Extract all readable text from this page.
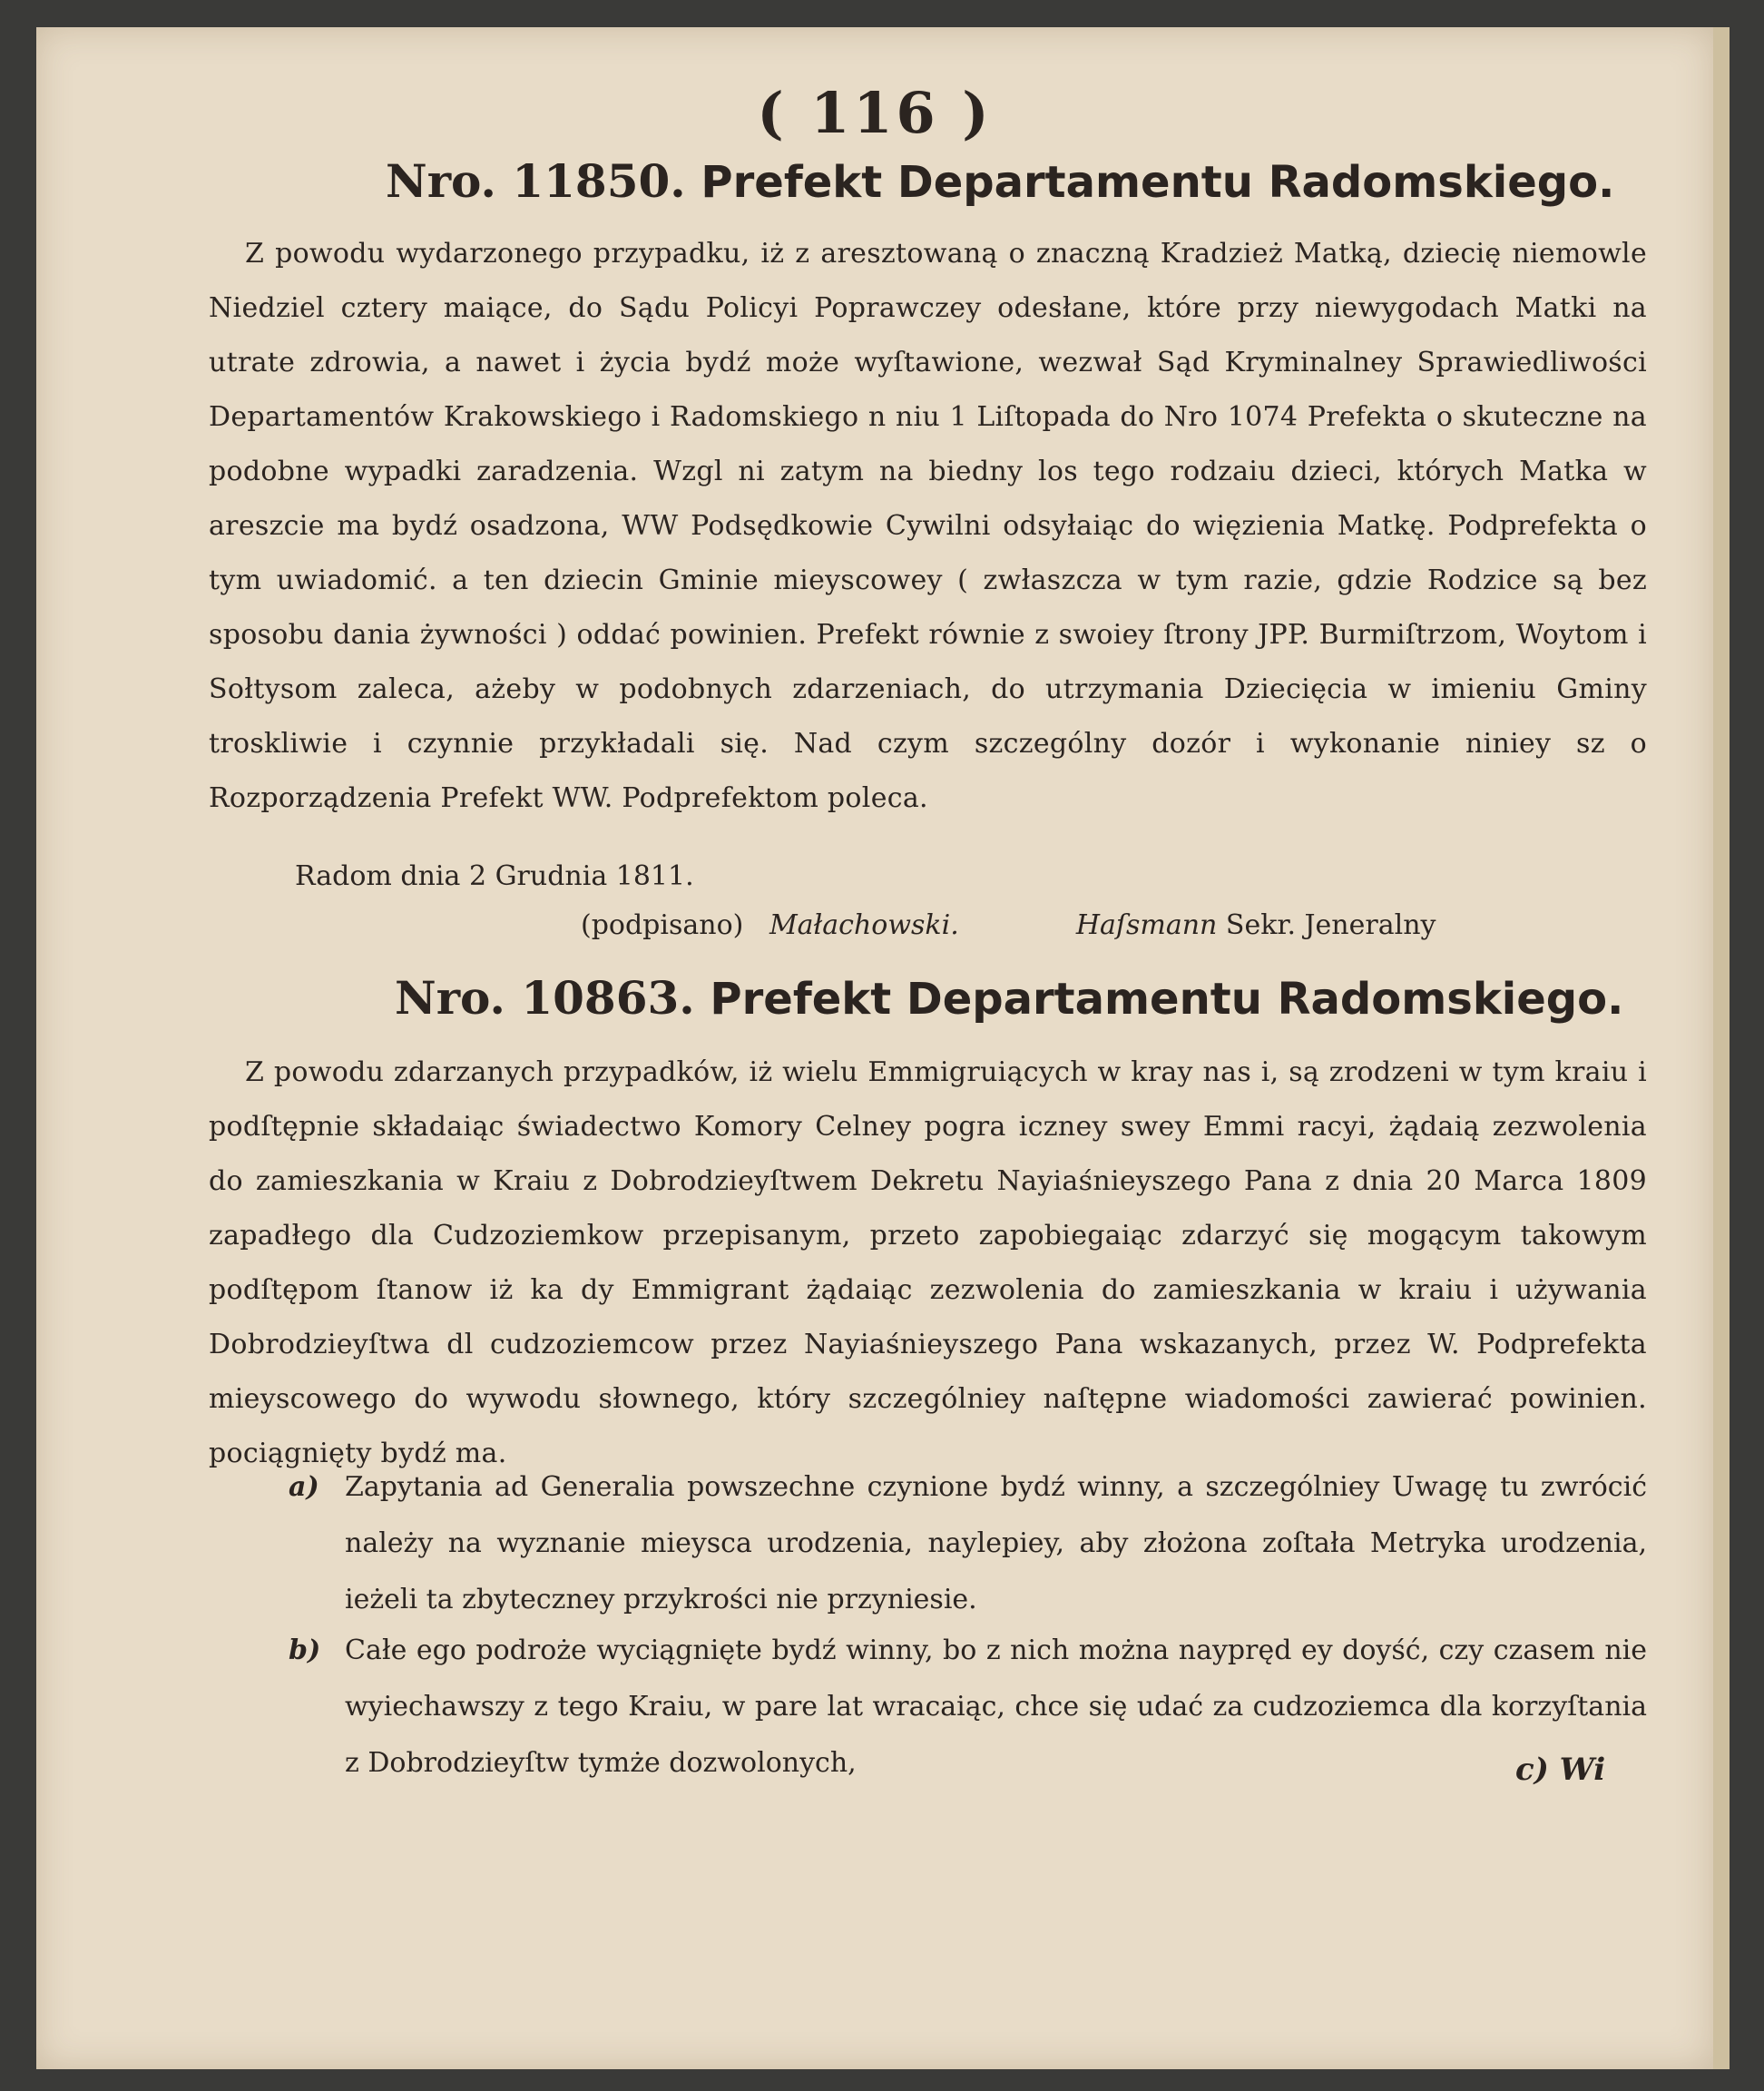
( 116 )
Nro. 11850. Prefekt Departamentu Radomskiego.

Z powodu wydarzonego przypadku, iż z aresztowaną o znaczną Kradzież Matką, dziecię niemowle Niedziel cztery maiące, do Sądu Policyi Poprawczey odesłane, które przy niewygodach Matki na utrate zdrowia, a nawet i życia bydź może wyſtawione, wezwał Sąd Kryminalney Sprawiedliwości Departamentów Krakowskiego i Radomskiego n niu 1 Liſtopada do Nro 1074 Prefekta o skuteczne na podobne wypadki zaradzenia. Wzgl ni zatym na biedny los tego rodzaiu dzieci, których Matka w areszcie ma bydź osadzona, WW Podsędkowie Cywilni odsyłaiąc do więzienia Matkę. Podprefekta o tym uwiadomić. a ten dziecin Gminie mieyscowey ( zwłaszcza w tym razie, gdzie Rodzice są bez sposobu dania żywności ) oddać powinien. Prefekt równie z swoiey ſtrony JPP. Burmiſtrzom, Woytom i Sołtysom zaleca, ażeby w podobnych zdarzeniach, do utrzymania Dziecięcia w imieniu Gminy troskliwie i czynnie przykładali się. Nad czym szczególny dozór i wykonanie niniey sz o Rozporządzenia Prefekt WW. Podprefektom poleca.

Radom dnia 2 Grudnia 1811.
(podpisano) Małachowski.	Haſsmann Sekr. Jeneralny
Nro. 10863. Prefekt Departamentu Radomskiego.

Z powodu zdarzanych przypadków, iż wielu Emmigruiących w kray nas i, są zrodzeni w tym kraiu i podſtępnie składaiąc świadectwo Komory Celney pogra iczney swey Emmi racyi, żądaią zezwolenia do zamieszkania w Kraiu z Dobrodzieyſtwem Dekretu Nayiaśnieyszego Pana z dnia 20 Marca 1809 zapadłego dla Cudzoziemkow przepisanym, przeto zapobiegaiąc zdarzyć się mogącym takowym podſtępom ſtanow iż ka dy Emmigrant żądaiąc zezwolenia do zamieszkania w kraiu i używania Dobrodzieyſtwa dl cudzoziemcow przez Nayiaśnieyszego Pana wskazanych, przez W. Podprefekta mieyscowego do wywodu słownego, który szczególniey naſtępne wiadomości zawierać powinien. pociągnięty bydź ma.

a) Zapytania ad Generalia powszechne czynione bydź winny, a szczególniey Uwagę tu zwrócić należy na wyznanie mieysca urodzenia, naylepiey, aby złożona zoſtała Metryka urodzenia, ieżeli ta zbyteczney przykrości nie przyniesie.
b) Całe ego podroże wyciągnięte bydź winny, bo z nich można naypręd ey doyść, czy czasem nie wyiechawszy z tego Kraiu, w pare lat wracaiąc, chce się udać za cudzoziemca dla korzyſtania z Dobrodzieyſtw tymże dozwolonych,	c) Wi
